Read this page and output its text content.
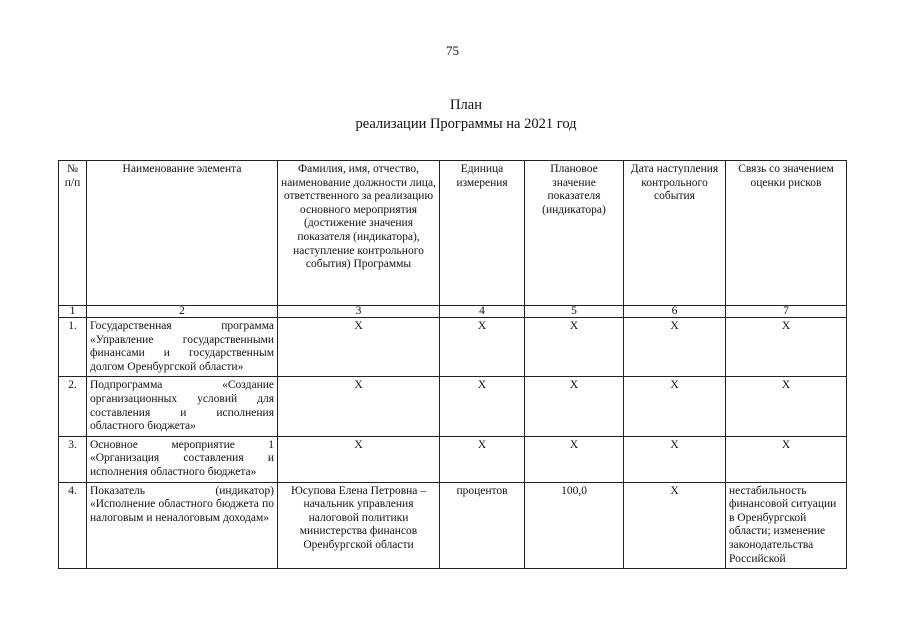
75
План
реализации Программы на 2021 год
№ п/п	Наименование элемента	Фамилия, имя, отчество, наименование должности лица, ответственного за реализацию основного мероприятия (достижение значения показателя (индикатора), наступление контрольного события) Программы	Единица измерения	Плановое значение показателя (индикатора)	Дата наступления контрольного события	Связь со значением оценки рисков
1	2	3	4	5	6	7
1.	Государственная программа «Управление государственными финансами и государственным долгом Оренбургской области»	Х	Х	Х	Х	Х
2.	Подпрограмма «Создание организационных условий для составления и исполнения областного бюджета»	Х	Х	Х	Х	Х
3.	Основное мероприятие 1 «Организация составления и исполнения областного бюджета»	Х	Х	Х	Х	Х
4.	Показатель (индикатор) «Исполнение областного бюджета по налоговым и неналоговым доходам»	Юсупова Елена Петровна – начальник управления налоговой политики министерства финансов Оренбургской области	процентов	100,0	Х	нестабильность финансовой ситуации в Оренбургской области; изменение законодательства Российской
